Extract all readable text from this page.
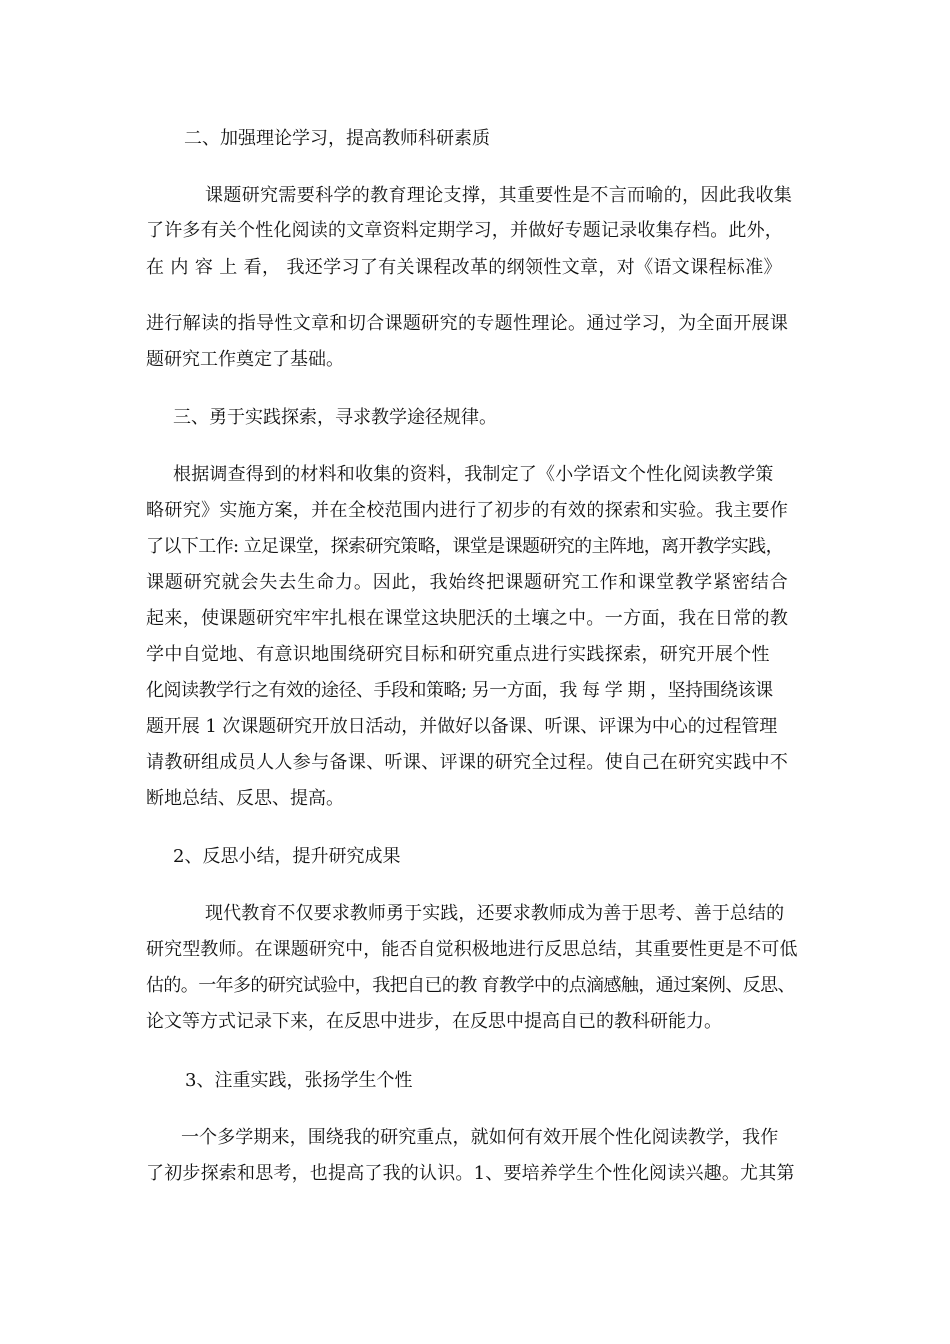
二、加强理论学习，提高教师科研素质
课题研究需要科学的教育理论支撑，其重要性是不言而喻的，因此我收集
了许多有关个性化阅读的文章资料定期学习，并做好专题记录收集存档。此外，
在 内 容 上 看， 我还学习了有关课程改革的纲领性文章，对《语文课程标准》
进行解读的指导性文章和切合课题研究的专题性理论。通过学习，为全面开展课
题研究工作奠定了基础。
三、勇于实践探索，寻求教学途径规律。
根据调查得到的材料和收集的资料，我制定了《小学语文个性化阅读教学策
略研究》实施方案，并在全校范围内进行了初步的有效的探索和实验。我主要作
了以下工作: 立足课堂，探索研究策略，课堂是课题研究的主阵地，离开教学实践，
课题研究就会失去生命力。因此，我始终把课题研究工作和课堂教学紧密结合
起来，使课题研究牢牢扎根在课堂这块肥沃的土壤之中。一方面，我在日常的教
学中自觉地、有意识地围绕研究目标和研究重点进行实践探索，研究开展个性
化阅读教学行之有效的途径、手段和策略; 另一方面，我 每 学 期 ，坚持围绕该课
题开展 1 次课题研究开放日活动，并做好以备课、听课、评课为中心的过程管理
请教研组成员人人参与备课、听课、评课的研究全过程。使自己在研究实践中不
断地总结、反思、提高。
2、反思小结，提升研究成果
现代教育不仅要求教师勇于实践，还要求教师成为善于思考、善于总结的
研究型教师。在课题研究中，能否自觉积极地进行反思总结，其重要性更是不可低
估的。一年多的研究试验中，我把自已的教 育教学中的点滴感触，通过案例、反思、
论文等方式记录下来，在反思中进步，在反思中提高自已的教科研能力。
3、注重实践，张扬学生个性
一个多学期来，围绕我的研究重点，就如何有效开展个性化阅读教学，我作
了初步探索和思考，也提高了我的认识。1、要培养学生个性化阅读兴趣。尤其第
